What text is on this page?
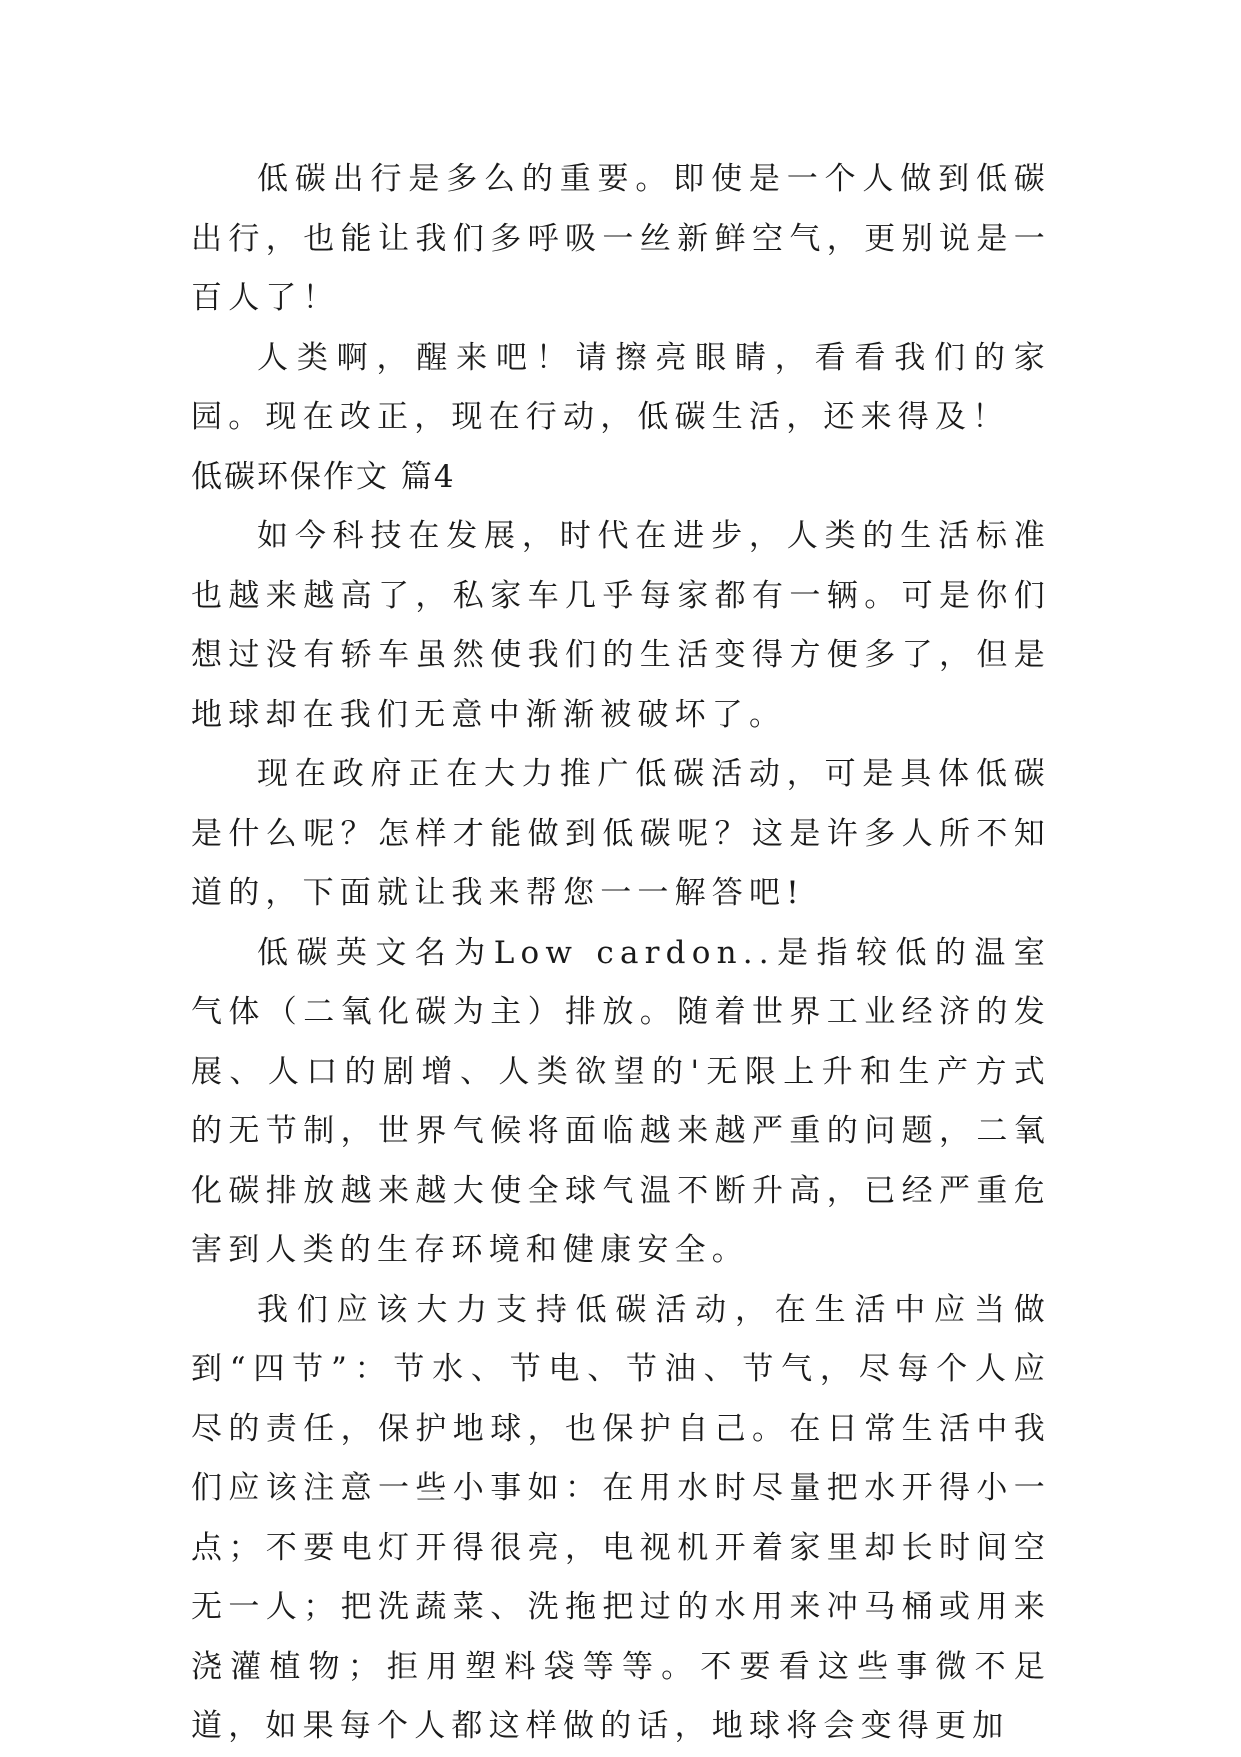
低碳出行是多么的重要。即使是一个人做到低碳出行，也能让我们多呼吸一丝新鲜空气，更别说是一百人了！

人类啊，醒来吧！请擦亮眼睛，看看我们的家园。现在改正，现在行动，低碳生活，还来得及！

低碳环保作文 篇4

如今科技在发展，时代在进步，人类的生活标准也越来越高了，私家车几乎每家都有一辆。可是你们想过没有轿车虽然使我们的生活变得方便多了，但是地球却在我们无意中渐渐被破坏了。

现在政府正在大力推广低碳活动，可是具体低碳是什么呢？怎样才能做到低碳呢？这是许多人所不知道的，下面就让我来帮您一一解答吧!

低碳英文名为Low cardon..是指较低的温室气体（二氧化碳为主）排放。随着世界工业经济的发展、人口的剧增、人类欲望的'无限上升和生产方式的无节制，世界气候将面临越来越严重的问题，二氧化碳排放越来越大使全球气温不断升高，已经严重危害到人类的生存环境和健康安全。

我们应该大力支持低碳活动，在生活中应当做到“四节”：节水、节电、节油、节气，尽每个人应尽的责任，保护地球，也保护自己。在日常生活中我们应该注意一些小事如：在用水时尽量把水开得小一点；不要电灯开得很亮，电视机开着家里却长时间空无一人；把洗蔬菜、洗拖把过的水用来冲马桶或用来浇灌植物；拒用塑料袋等等。不要看这些事微不足道，如果每个人都这样做的话，地球将会变得更加
